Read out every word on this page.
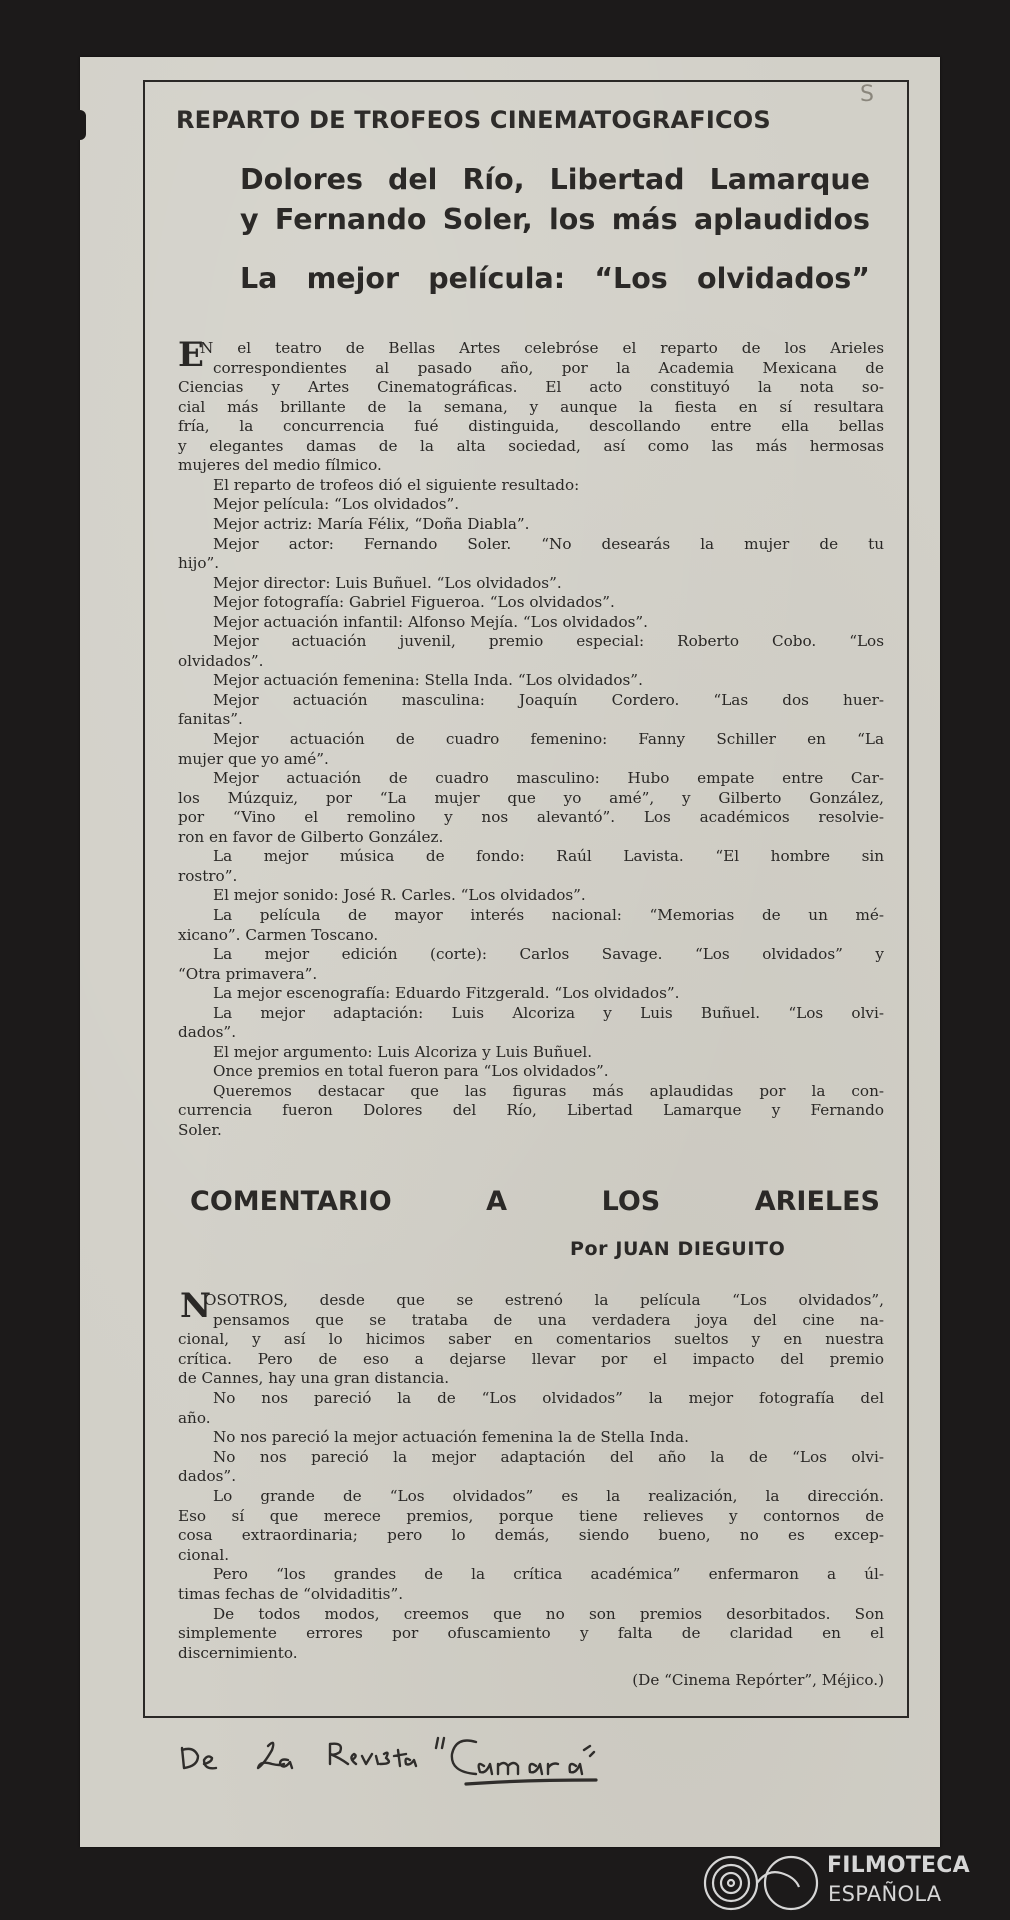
S
REPARTO DE TROFEOS CINEMATOGRAFICOS
Dolores del Río, Libertad Lamarque
y Fernando Soler, los más aplaudidos
La mejor película: “Los olvidados”
E
N el teatro de Bellas Artes celebróse el reparto de los Arieles
correspondientes al pasado año, por la Academia Mexicana de
Ciencias y Artes Cinematográficas. El acto constituyó la nota so-
cial más brillante de la semana, y aunque la fiesta en sí resultara
fría, la concurrencia fué distinguida, descollando entre ella bellas
y elegantes damas de la alta sociedad, así como las más hermosas
mujeres del medio fílmico.
El reparto de trofeos dió el siguiente resultado:
Mejor película: “Los olvidados”.
Mejor actriz: María Félix, “Doña Diabla”.
Mejor actor: Fernando Soler. “No desearás la mujer de tu
hijo”.
Mejor director: Luis Buñuel. “Los olvidados”.
Mejor fotografía: Gabriel Figueroa. “Los olvidados”.
Mejor actuación infantil: Alfonso Mejía. “Los olvidados”.
Mejor actuación juvenil, premio especial: Roberto Cobo. “Los
olvidados”.
Mejor actuación femenina: Stella Inda. “Los olvidados”.
Mejor actuación masculina: Joaquín Cordero. “Las dos huer-
fanitas”.
Mejor actuación de cuadro femenino: Fanny Schiller en “La
mujer que yo amé”.
Mejor actuación de cuadro masculino: Hubo empate entre Car-
los Múzquiz, por “La mujer que yo amé”, y Gilberto González,
por “Vino el remolino y nos alevantó”. Los académicos resolvie-
ron en favor de Gilberto González.
La mejor música de fondo: Raúl Lavista. “El hombre sin
rostro”.
El mejor sonido: José R. Carles. “Los olvidados”.
La película de mayor interés nacional: “Memorias de un mé-
xicano”. Carmen Toscano.
La mejor edición (corte): Carlos Savage. “Los olvidados” y
“Otra primavera”.
La mejor escenografía: Eduardo Fitzgerald. “Los olvidados”.
La mejor adaptación: Luis Alcoriza y Luis Buñuel. “Los olvi-
dados”.
El mejor argumento: Luis Alcoriza y Luis Buñuel.
Once premios en total fueron para “Los olvidados”.
Queremos destacar que las figuras más aplaudidas por la con-
currencia fueron Dolores del Río, Libertad Lamarque y Fernando
Soler.
COMENTARIO A LOS ARIELES
Por JUAN DIEGUITO
N
OSOTROS, desde que se estrenó la película “Los olvidados”,
pensamos que se trataba de una verdadera joya del cine na-
cional, y así lo hicimos saber en comentarios sueltos y en nuestra
crítica. Pero de eso a dejarse llevar por el impacto del premio
de Cannes, hay una gran distancia.
No nos pareció la de “Los olvidados” la mejor fotografía del
año.
No nos pareció la mejor actuación femenina la de Stella Inda.
No nos pareció la mejor adaptación del año la de “Los olvi-
dados”.
Lo grande de “Los olvidados” es la realización, la dirección.
Eso sí que merece premios, porque tiene relieves y contornos de
cosa extraordinaria; pero lo demás, siendo bueno, no es excep-
cional.
Pero “los grandes de la crítica académica” enfermaron a úl-
timas fechas de “olvidaditis”.
De todos modos, creemos que no son premios desorbitados. Son
simplemente errores por ofuscamiento y falta de claridad en el
discernimiento.
(De “Cinema Repórter”, Méjico.)
FILMOTECA
ESPAÑOLA
